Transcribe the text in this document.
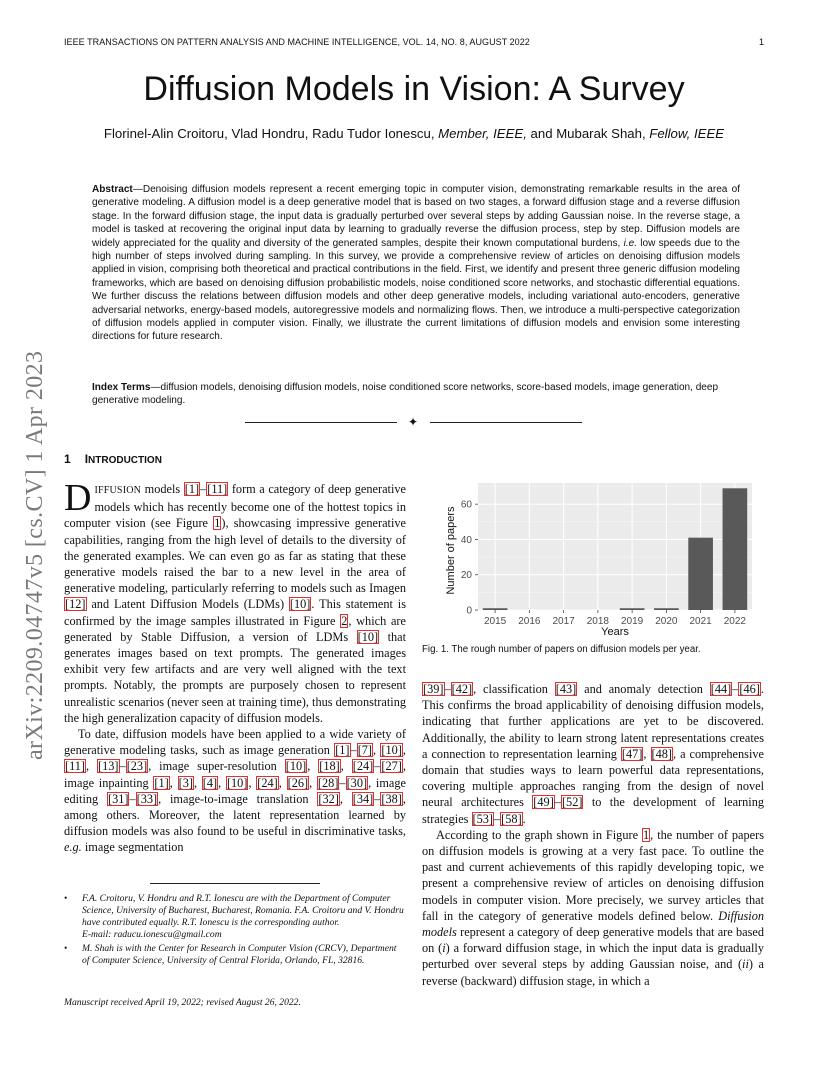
IEEE TRANSACTIONS ON PATTERN ANALYSIS AND MACHINE INTELLIGENCE, VOL. 14, NO. 8, AUGUST 2022	1
Diffusion Models in Vision: A Survey
Florinel-Alin Croitoru, Vlad Hondru, Radu Tudor Ionescu, Member, IEEE, and Mubarak Shah, Fellow, IEEE
Abstract—Denoising diffusion models represent a recent emerging topic in computer vision, demonstrating remarkable results in the area of generative modeling. A diffusion model is a deep generative model that is based on two stages, a forward diffusion stage and a reverse diffusion stage. In the forward diffusion stage, the input data is gradually perturbed over several steps by adding Gaussian noise. In the reverse stage, a model is tasked at recovering the original input data by learning to gradually reverse the diffusion process, step by step. Diffusion models are widely appreciated for the quality and diversity of the generated samples, despite their known computational burdens, i.e. low speeds due to the high number of steps involved during sampling. In this survey, we provide a comprehensive review of articles on denoising diffusion models applied in vision, comprising both theoretical and practical contributions in the field. First, we identify and present three generic diffusion modeling frameworks, which are based on denoising diffusion probabilistic models, noise conditioned score networks, and stochastic differential equations. We further discuss the relations between diffusion models and other deep generative models, including variational auto-encoders, generative adversarial networks, energy-based models, autoregressive models and normalizing flows. Then, we introduce a multi-perspective categorization of diffusion models applied in computer vision. Finally, we illustrate the current limitations of diffusion models and envision some interesting directions for future research.
Index Terms—diffusion models, denoising diffusion models, noise conditioned score networks, score-based models, image generation, deep generative modeling.
✦
arXiv:2209.04747v5 [cs.CV] 1 Apr 2023 1 INTRODUCTION

DIFFUSION models [1]–[11] form a category of deep generative models which has recently become one of the hottest topics in computer vision (see Figure 1), showcasing impressive generative capabilities, ranging from the high level of details to the diversity of the generated examples. We can even go as far as stating that these generative models raised the bar to a new level in the area of generative modeling, particularly referring to models such as Imagen [12] and Latent Diffusion Models (LDMs) [10]. This statement is confirmed by the image samples illustrated in Figure 2, which are generated by Stable Diffusion, a version of LDMs [10] that generates images based on text prompts. The generated images exhibit very few artifacts and are very well aligned with the text prompts. Notably, the prompts are purposely chosen to represent unrealistic scenarios (never seen at training time), thus demonstrating the high generalization capacity of diffusion models.

To date, diffusion models have been applied to a wide variety of generative modeling tasks, such as image generation [1]–[7], [10], [11], [13]–[23], image super-resolution [10], [18], [24]–[27], image inpainting [1], [3], [4], [10], [24], [26], [28]–[30], image editing [31]–[33], image-to-image translation [32], [34]–[38], among others. Moreover, the latent representation learned by diffusion models was also found to be useful in discriminative tasks, e.g. image segmentation

• F.A. Croitoru, V. Hondru and R.T. Ionescu are with the Department of Computer Science, University of Bucharest, Bucharest, Romania. F.A. Croitoru and V. Hondru have contributed equally. R.T. Ionescu is the corresponding author.
E-mail: raducu.ionescu@gmail.com
• M. Shah is with the Center for Research in Computer Vision (CRCV), Department of Computer Science, University of Central Florida, Orlando, FL, 32816.
Manuscript received April 19, 2022; revised August 26, 2022.
0
20
40
60
2015 2016 2017 2018 2019 2020 2021 2022
Years
Number of papers
Fig. 1. The rough number of papers on diffusion models per year.

[39]–[42], classification [43] and anomaly detection [44]–[46]. This confirms the broad applicability of denoising diffusion models, indicating that further applications are yet to be discovered. Additionally, the ability to learn strong latent representations creates a connection to representation learning [47], [48], a comprehensive domain that studies ways to learn powerful data representations, covering multiple approaches ranging from the design of novel neural architectures [49]–[52] to the development of learning strategies [53]–[58].

According to the graph shown in Figure 1, the number of papers on diffusion models is growing at a very fast pace. To outline the past and current achievements of this rapidly developing topic, we present a comprehensive review of articles on denoising diffusion models in computer vision. More precisely, we survey articles that fall in the category of generative models defined below. Diffusion models represent a category of deep generative models that are based on (i) a forward diffusion stage, in which the input data is gradually perturbed over several steps by adding Gaussian noise, and (ii) a reverse (backward) diffusion stage, in which a
